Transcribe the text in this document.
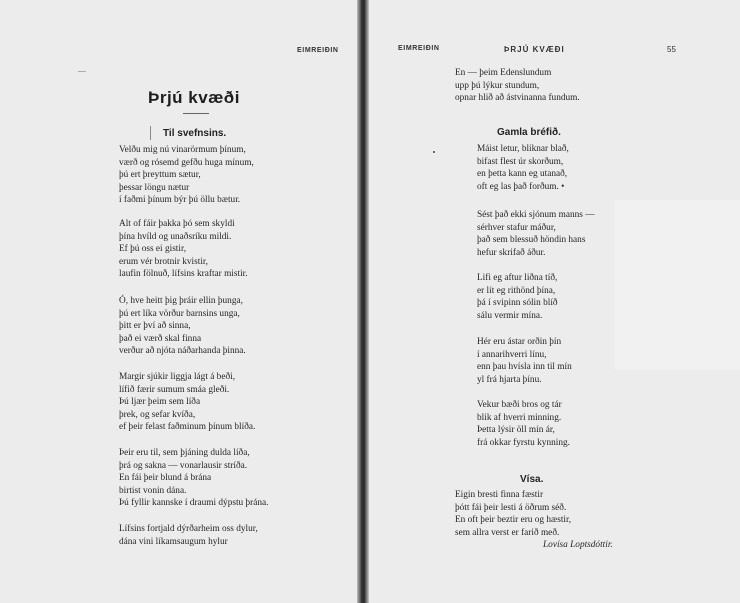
EIMREIÐIN
Þrjú kvæði
Til svefnsins.
Velðu mig nú vinarörmum þínum,
værð og rósemd gefðu huga mínum,
þú ert þreyttum sætur,
þessar löngu nætur
í faðmi þínum býr þú öllu bætur.
Alt of fáir þakka þó sem skyldi
þína hvíld og unaðsríku mildi.
Ef þú oss ei gistir,
erum vér brotnir kvistir,
laufin fölnuð, lífsins kraftar mistir.
Ó, hve heitt þig þráir ellin þunga,
þú ert líka vörður barnsins unga,
þitt er því að sinna,
það ei værð skal finna
verður að njóta náðarhanda þinna.
Margir sjúkir liggja lágt á beði,
lífið færir sumum smáa gleði.
Þú ljær þeim sem líða
þrek, og sefar kvíða,
ef þeir felast faðminum þínum blíða.
Þeir eru til, sem þjáning dulda líða,
þrá og sakna — vonarlausir stríða.
En fái þeir blund á brána
birtist vonin dána.
Þú fyllir kannske í draumi dýpstu þrána.
Lífsins fortjald dýrðarheim oss dylur,
dána vini líkamsaugum hylur
EIMREIÐIN	ÞRJÚ KVÆÐI	55
En — þeim Edenslundum
upp þú lýkur stundum,
opnar hlið að ástvinanna fundum.
Gamla bréfið.
Máist letur, bliknar blað,
bifast flest úr skorðum,
en þetta kann eg utanað,
oft eg las það forðum. •
Sést það ekki sjónum manns —
sérhver stafur máður,
það sem blessuð höndin hans
hefur skrifað áður.
Lifi eg aftur liðna tíð,
er lít eg rithönd þína,
þá í svipinn sólin blíð
sálu vermir mína.
Hér eru ástar orðin þín
í annarihverri línu,
enn þau hvísla inn til mín
yl frá hjarta þínu.
Vekur bæði bros og tár
blik af hverri minning.
Þetta lýsir öll mín ár,
frá okkar fyrstu kynning.
Vísa.
Eigin bresti finna fæstir
þótt fái þeir lesti á öðrum séð.
En oft þeir beztir eru og hæstir,
sem allra verst er farið með.
Lovísa Loptsdóttir.
